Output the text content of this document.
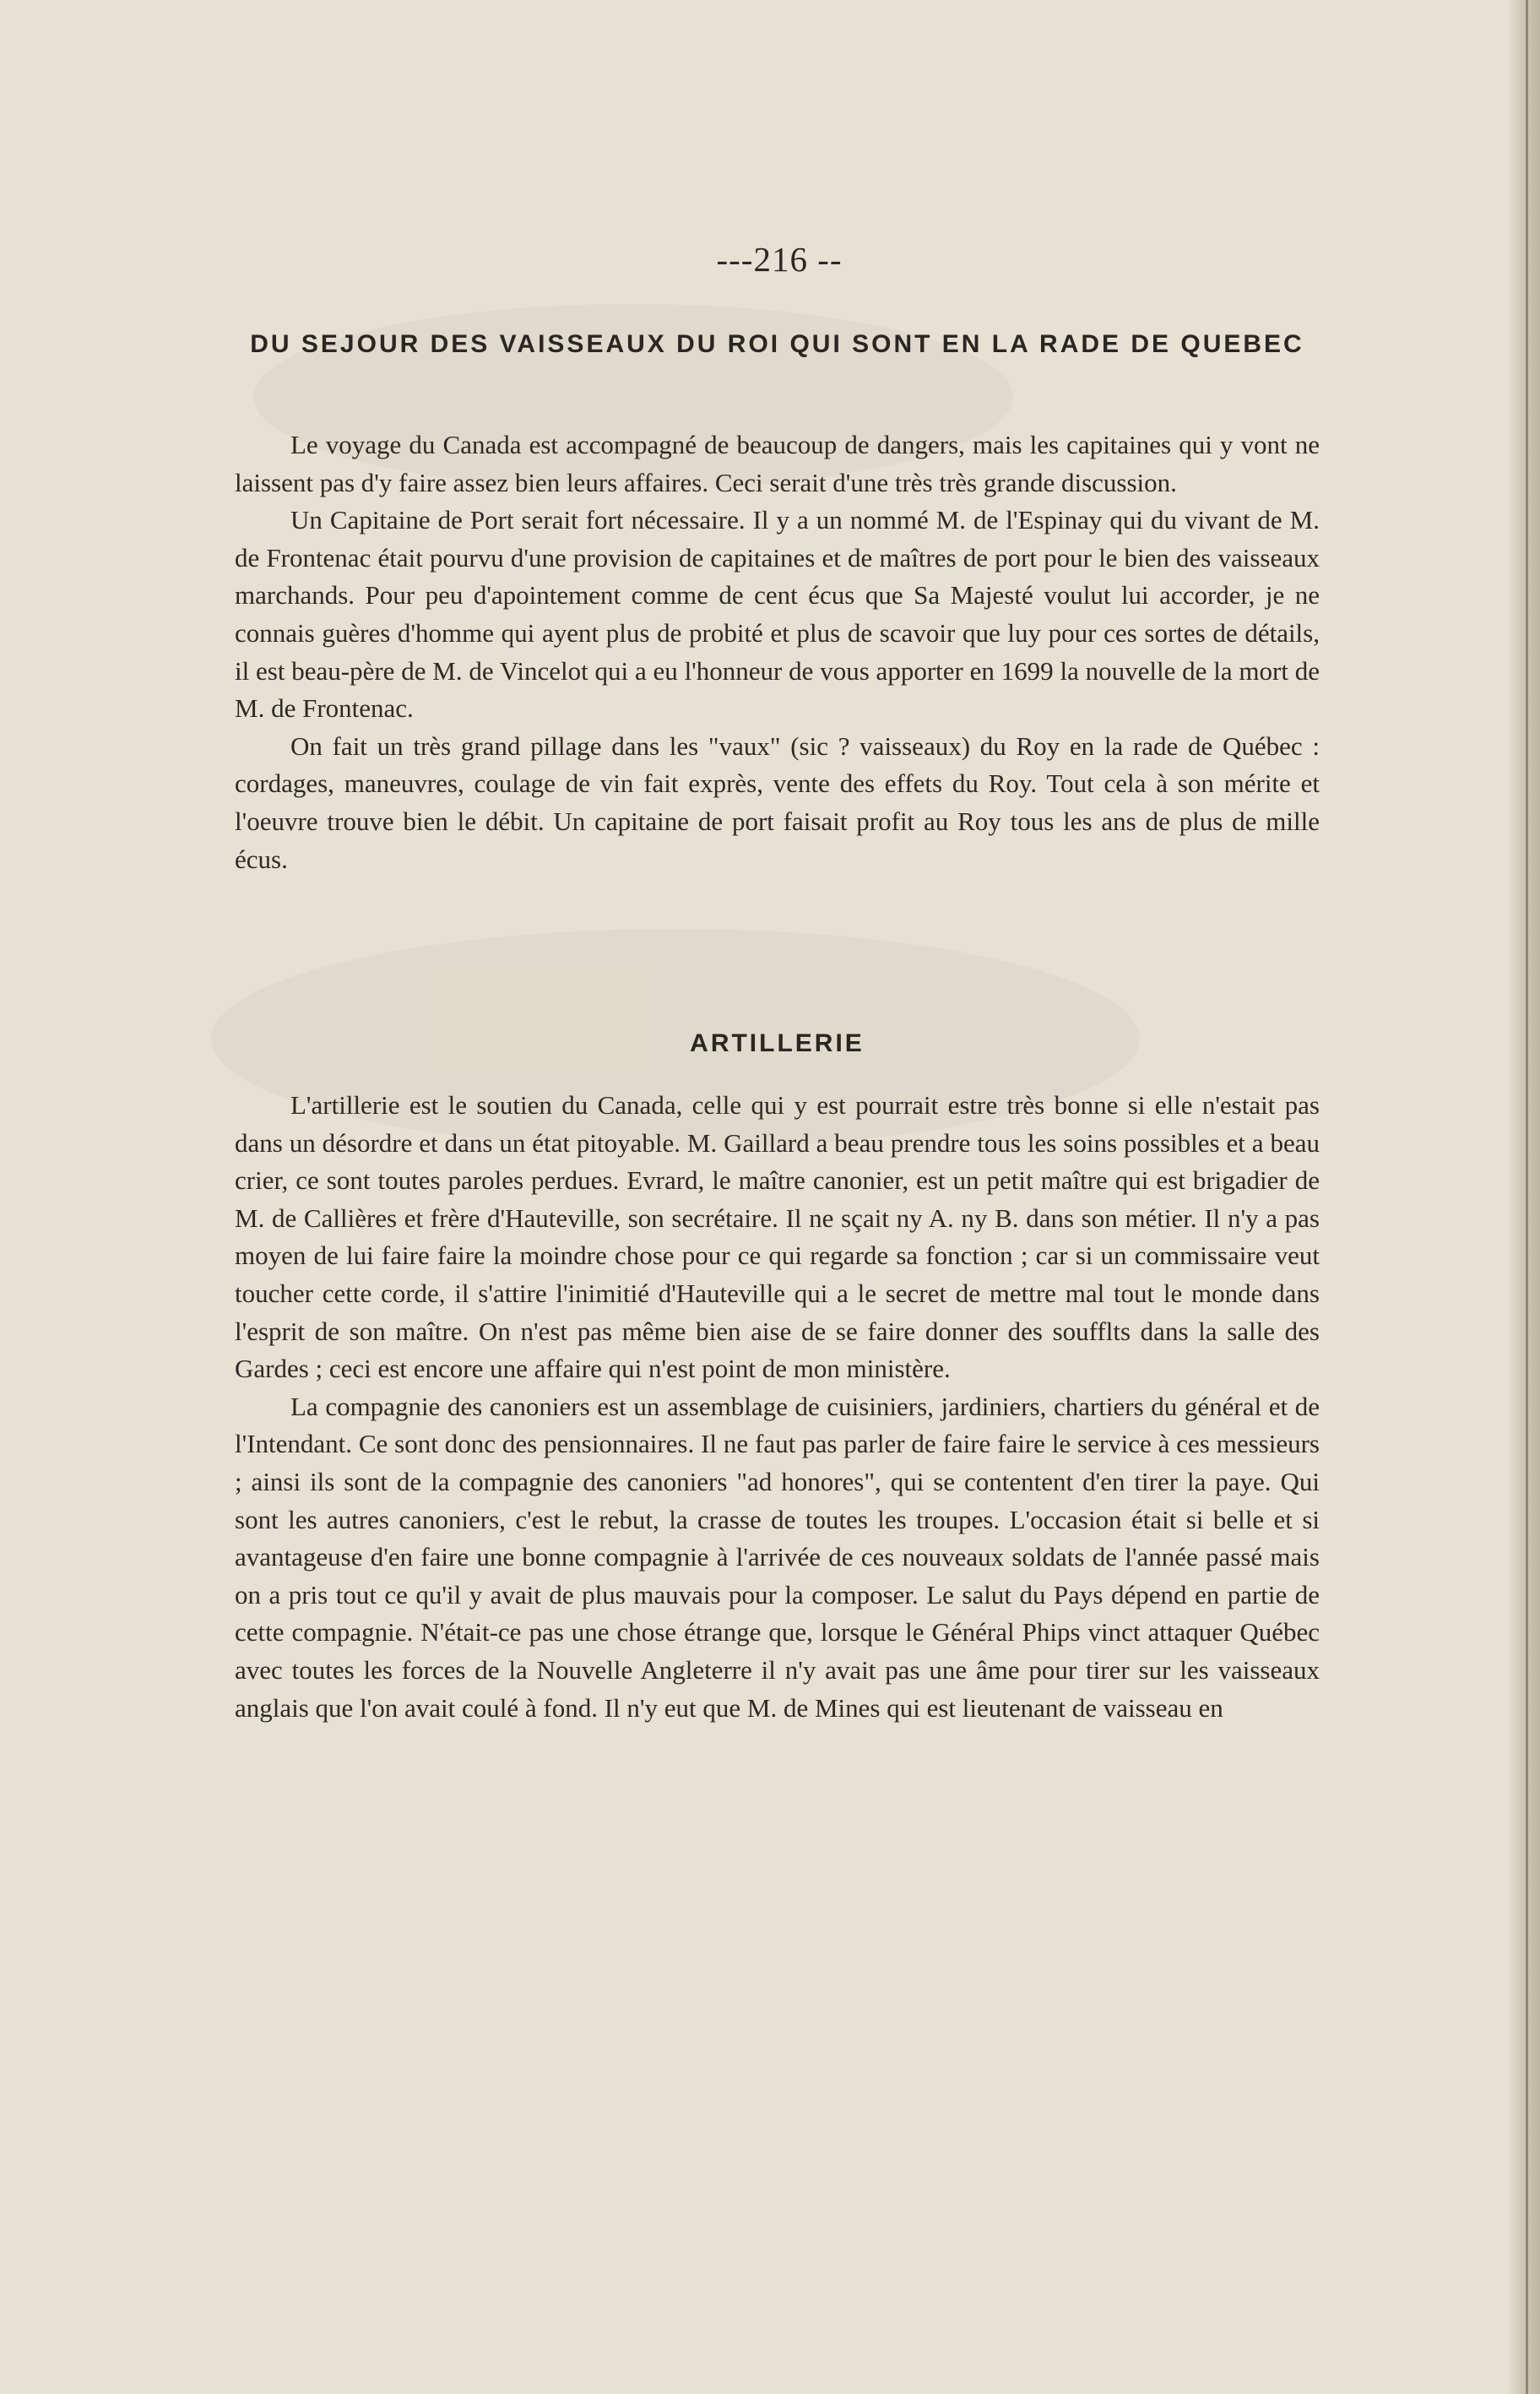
---216 --
DU SEJOUR DES VAISSEAUX DU ROI QUI SONT EN LA RADE DE QUEBEC

Le voyage du Canada est accompagné de beaucoup de dangers, mais les capitaines qui y vont ne laissent pas d'y faire assez bien leurs affaires. Ceci serait d'une très très grande discussion.

Un Capitaine de Port serait fort nécessaire. Il y a un nommé M. de l'Espinay qui du vivant de M. de Frontenac était pourvu d'une provision de capitaines et de maîtres de port pour le bien des vaisseaux marchands. Pour peu d'apointement comme de cent écus que Sa Majesté voulut lui accorder, je ne connais guères d'homme qui ayent plus de probité et plus de scavoir que luy pour ces sortes de détails, il est beau-père de M. de Vincelot qui a eu l'honneur de vous apporter en 1699 la nouvelle de la mort de M. de Frontenac.

On fait un très grand pillage dans les "vaux" (sic ? vaisseaux) du Roy en la rade de Québec : cordages, maneuvres, coulage de vin fait exprès, vente des effets du Roy. Tout cela à son mérite et l'oeuvre trouve bien le débit. Un capitaine de port faisait profit au Roy tous les ans de plus de mille écus.

ARTILLERIE

L'artillerie est le soutien du Canada, celle qui y est pourrait estre très bonne si elle n'estait pas dans un désordre et dans un état pitoyable. M. Gaillard a beau prendre tous les soins possibles et a beau crier, ce sont toutes paroles perdues. Evrard, le maître canonier, est un petit maître qui est brigadier de M. de Callières et frère d'Hauteville, son secrétaire. Il ne sçait ny A. ny B. dans son métier. Il n'y a pas moyen de lui faire faire la moindre chose pour ce qui regarde sa fonction ; car si un commissaire veut toucher cette corde, il s'attire l'inimitié d'Hauteville qui a le secret de mettre mal tout le monde dans l'esprit de son maître. On n'est pas même bien aise de se faire donner des soufflts dans la salle des Gardes ; ceci est encore une affaire qui n'est point de mon ministère.

La compagnie des canoniers est un assemblage de cuisiniers, jardiniers, chartiers du général et de l'Intendant. Ce sont donc des pensionnaires. Il ne faut pas parler de faire faire le service à ces messieurs ; ainsi ils sont de la compagnie des canoniers "ad honores", qui se contentent d'en tirer la paye. Qui sont les autres canoniers, c'est le rebut, la crasse de toutes les troupes. L'occasion était si belle et si avantageuse d'en faire une bonne compagnie à l'arrivée de ces nouveaux soldats de l'année passé mais on a pris tout ce qu'il y avait de plus mauvais pour la composer. Le salut du Pays dépend en partie de cette compagnie. N'était-ce pas une chose étrange que, lorsque le Général Phips vinct attaquer Québec avec toutes les forces de la Nouvelle Angleterre il n'y avait pas une âme pour tirer sur les vaisseaux anglais que l'on avait coulé à fond. Il n'y eut que M. de Mines qui est lieutenant de vaisseau en
